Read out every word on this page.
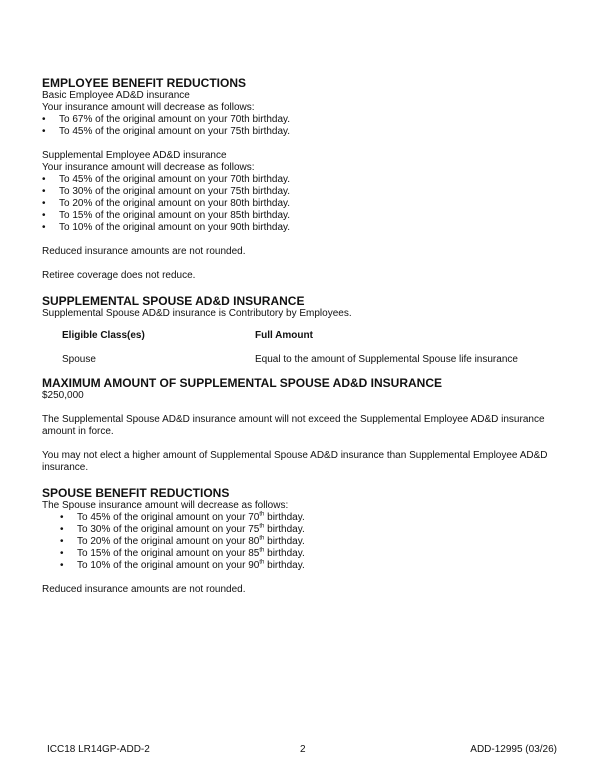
EMPLOYEE BENEFIT REDUCTIONS

Basic Employee AD&D insurance

Your insurance amount will decrease as follows:

• To 67% of the original amount on your 70th birthday.
• To 45% of the original amount on your 75th birthday.

Supplemental Employee AD&D insurance

Your insurance amount will decrease as follows:

• To 45% of the original amount on your 70th birthday.
• To 30% of the original amount on your 75th birthday.
• To 20% of the original amount on your 80th birthday.
• To 15% of the original amount on your 85th birthday.
• To 10% of the original amount on your 90th birthday.

Reduced insurance amounts are not rounded.

Retiree coverage does not reduce.

SUPPLEMENTAL SPOUSE AD&D INSURANCE

Supplemental Spouse AD&D insurance is Contributory by Employees.

Eligible Class(es)	Full Amount
Spouse	Equal to the amount of Supplemental Spouse life insurance
MAXIMUM AMOUNT OF SUPPLEMENTAL SPOUSE AD&D INSURANCE

$250,000

The Supplemental Spouse AD&D insurance amount will not exceed the Supplemental Employee AD&D insurance amount in force.

You may not elect a higher amount of Supplemental Spouse AD&D insurance than Supplemental Employee AD&D insurance.

SPOUSE BENEFIT REDUCTIONS

The Spouse insurance amount will decrease as follows:

• To 45% of the original amount on your 70th birthday.
• To 30% of the original amount on your 75th birthday.
• To 20% of the original amount on your 80th birthday.
• To 15% of the original amount on your 85th birthday.
• To 10% of the original amount on your 90th birthday.

Reduced insurance amounts are not rounded.

ICC18 LR14GP-ADD-2	2	ADD-12995 (03/26)
